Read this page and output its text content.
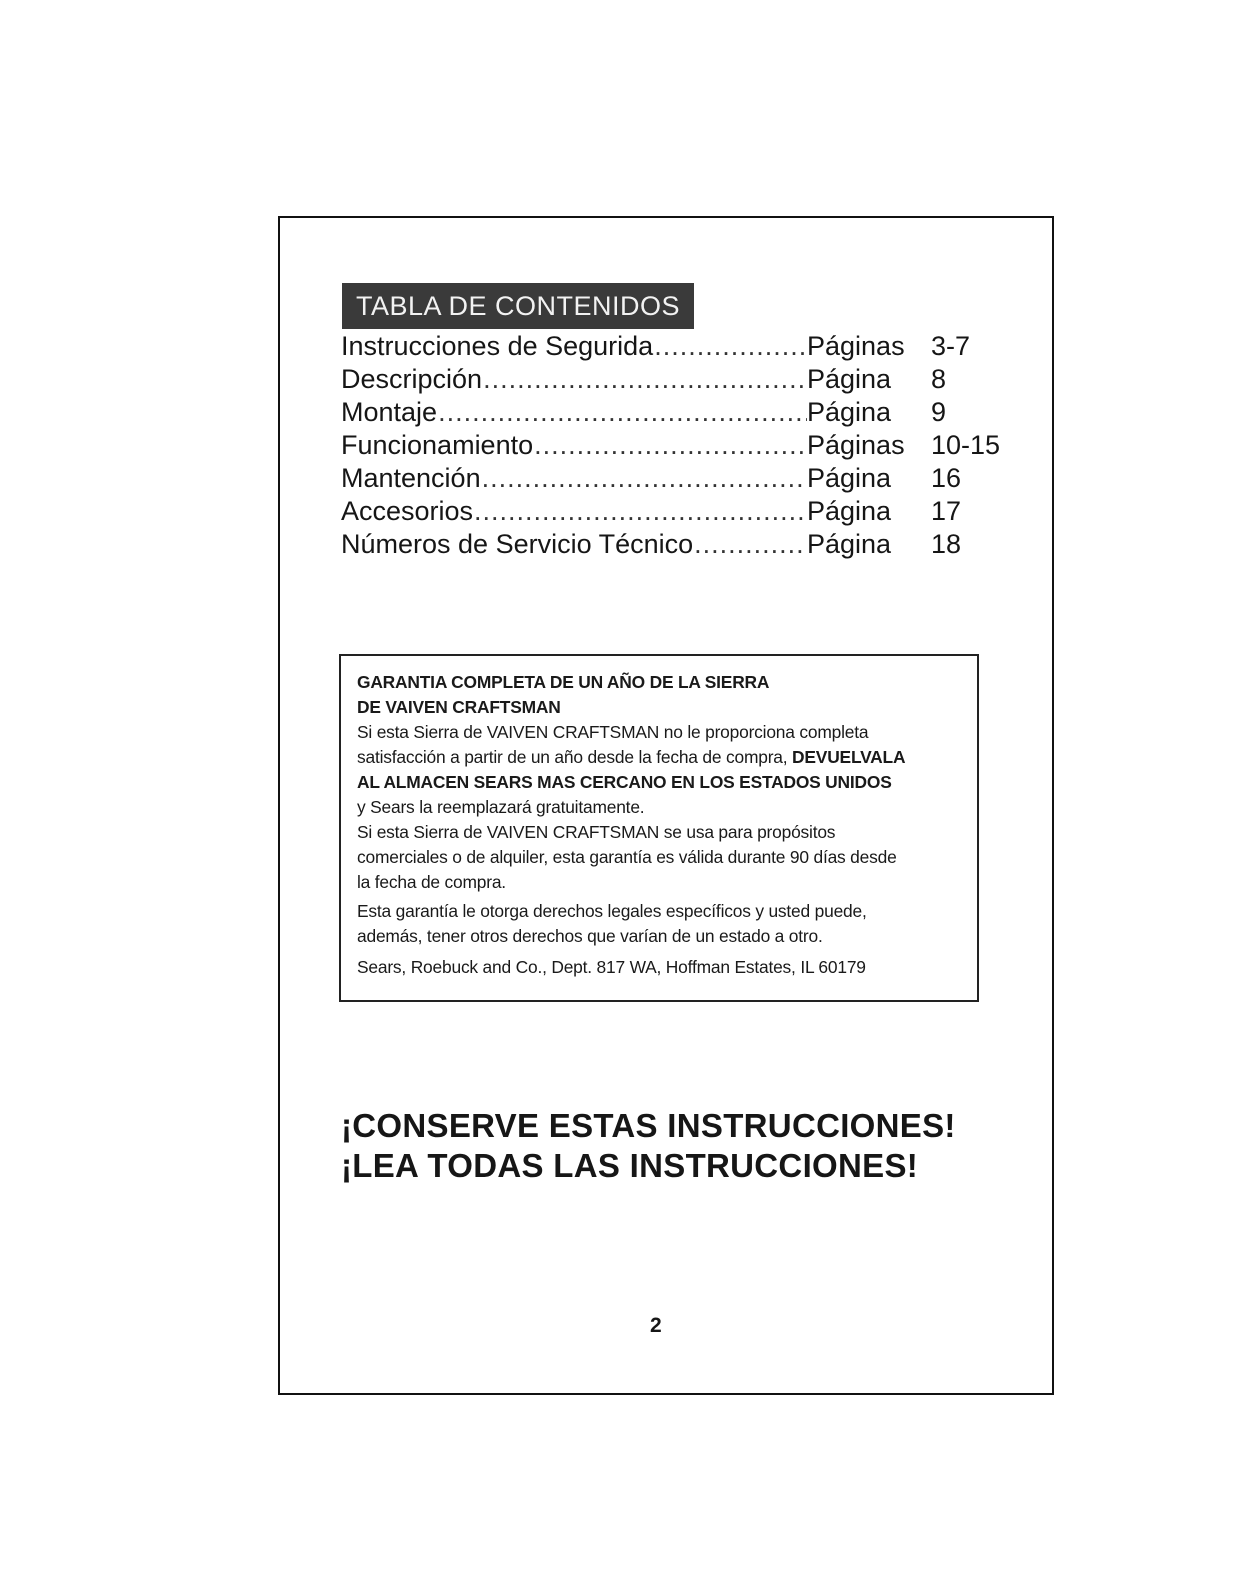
TABLA DE CONTENIDOS
Instrucciones de Segurida .....	Páginas 3-7
Descripción .....	Página	8
Montaje .....	Página	9
Funcionamiento .....	Páginas 10-15
Mantención .....	Página	16
Accesorios .....	Página	17
Números de Servicio Técnico .....	Página	18

GARANTIA COMPLETA DE UN AÑO DE LA SIERRA
DE VAIVEN CRAFTSMAN

Si esta Sierra de VAIVEN CRAFTSMAN no le proporciona completa
satisfacción a partir de un año desde la fecha de compra, DEVUELVALA
AL ALMACEN SEARS MAS CERCANO EN LOS ESTADOS UNIDOS
y Sears la reemplazará gratuitamente.

Si esta Sierra de VAIVEN CRAFTSMAN se usa para propósitos
comerciales o de alquiler, esta garantía es válida durante 90 días desde
la fecha de compra.

Esta garantía le otorga derechos legales específicos y usted puede,
además, tener otros derechos que varían de un estado a otro.

Sears, Roebuck and Co., Dept. 817 WA, Hoffman Estates, IL 60179

¡CONSERVE ESTAS INSTRUCCIONES!
¡LEA TODAS LAS INSTRUCCIONES!
2
